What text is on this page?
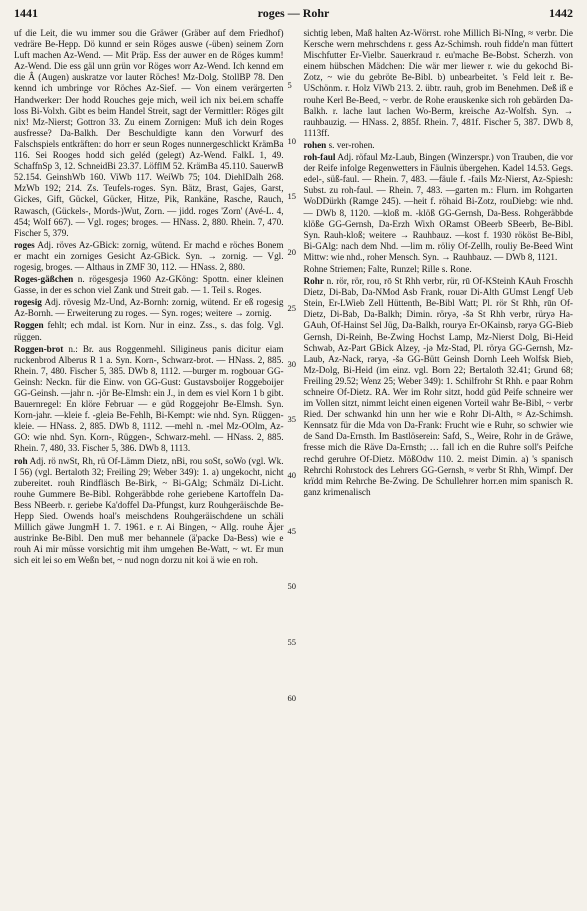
1441	roges — Rohr	1442

uf die Leit, die wu immer sou die Gräwer (Gräber auf dem Friedhof) vedräre Be-Hepp. Dö kunnd er sein Röges auswe (-üben) seinem Zorn Luft machen Az-Wend. — Mit Präp. Ess der auwer en de Röges kumm! Az-Wend. Die ess gäl unn grün vor Röges worr Az-Wend. Ich kennd em die Â (Augen) auskratze vor lauter Röches! Mz-Dolg. StollBP 78. Den kennd ich umbringe vor Röches Az-Sief. — Von einem verärgerten Handwerker: Der hodd Rouches geje mich, weil ich nix bei.em schaffe loss Bi-Volxh. Gibt es beim Handel Streit, sagt der Vermittler: Röges gilt nix! Mz-Nierst; Gottron 33. Zu einem Zornigen: Muß ich dein Roges ausfresse? Da-Balkh. Der Beschuldigte kann den Vorwurf des Falschspiels entkräften: do horr er seun Roges nunnergeschlickt KrämBa 116. Sei Rooges hodd sich geléd (gelegt) Az-Wend. FalkL 1, 49. SchaffnSp 3, 12. SchneidBi 23.37. LöfflM 52. KrämBa 45.110. SauerwB 52.154. GeinshWb 160. ViWb 117. WeiWb 75; 104. DiehlDalh 268. MzWb 192; 214. Zs. Teufels-roges. Syn. Bätz, Brast, Gajes, Garst, Gickes, Gift, Gückel, Gücker, Hitze, Pik, Rankäne, Rasche, Rauch, Rawasch, (Gückels-, Mords-)Wut, Zorn. — jidd. roges 'Zorn' (Avé-L. 4, 454; Wolf 667). — Vgl. roges; broges. — HNass. 2, 880. Rhein. 7, 470. Fischer 5, 379.

roges Adj. röves Az-GBick: zornig, wütend. Er machd e röches Bonem er macht ein zorniges Gesicht Az-GBick. Syn. → zornig. — Vgl. rogesig, broges. — Althaus in ZMF 30, 112. — HNass. 2, 880.

Roges-gäßchen n. rögesgesjə 1960 Az-GKöng: Spottn. einer kleinen Gasse, in der es schon viel Zank und Streit gab. — 1. Teil s. Roges.

rogesig Adj. rövesig Mz-Und, Az-Bornh: zornig, wütend. Er eß rogesig Az-Bornh. — Erweiterung zu roges. — Syn. roges; weitere → zornig.

Roggen fehlt; ech mdal. ist Korn. Nur in einz. Zss., s. das folg. Vgl. rüggen.

Roggen-brot n.: Br. aus Roggenmehl. Siligineus panis dicitur eiam ruckenbrod Alberus R 1 a. Syn. Korn-, Schwarz-brot. — HNass. 2, 885. Rhein. 7, 480. Fischer 5, 385. DWb 8, 1112. —burger m. rogbouər GG-Geinsh: Neckn. für die Einw. von GG-Gust: Gustavsboijer Roggeboijer GG-Geinsh. —jahr n. -jör Be-Elmsh: ein J., in dem es viel Korn 1 b gibt. Bauernregel: En klöre Februar — e güd Roggejohr Be-Elmsh. Syn. Korn-jahr. —kleie f. -gleiə Be-Fehlh, Bi-Kempt: wie nhd. Syn. Rüggen-kleie. — HNass. 2, 885. DWb 8, 1112. —mehl n. -mel Mz-OOlm, Az-GO: wie nhd. Syn. Korn-, Rüggen-, Schwarz-mehl. — HNass. 2, 885. Rhein. 7, 480, 33. Fischer 5, 386. DWb 8, 1113.

roh Adj. rö nwSt, Rh, rü Of-Lämm Dietz, nBi, rou soSt, soWo (vgl. Wk. I 56) (vgl. Bertaloth 32; Freiling 29; Weber 349): 1. a) ungekocht, nicht zubereitet. rouh Rindfläsch Be-Birk, ~ Bi-GAlg; Schmälz Di-Licht. rouhe Gummere Be-Bibl. Rohgeräbbde rohe geriebene Kartoffeln Da-Bess NBeerb. r. geriebe Ka'doffel Da-Pfungst, kurz Rouhgeräischde Be-Hepp Sied. Owends hoal's meischdens Rouhgeräischdene un schäli Millich gäwe JungmH 1. 7. 1961. e r. Ai Bingen, ~ Allg. rouhe Äjer austrinke Be-Bibl. Den muß mer behannele (ä'packe Da-Bess) wie e rouh Ai mir müsse vorsichtig mit ihm umgehen Be-Watt, ~ wt. Er mun sich eit lei so em Weßn bet, ~ nud nogn dorzu nit koi ä wie en roh.

5
10
15
20
25
30
35
40
45
50
55
60

sichtig leben, Maß halten Az-Wörrst. rohe Millich Bi-NIng, ≈ verbr. Die Kersche wern mehrschdens r. gess Az-Schimsh. rouh fidde'n man füttert Mischfutter Er-Vielbr. Sauerkraud r. eu'mache Be-Bobst. Scherzh. von einem hübschen Mädchen: Die wär mer liewer r. wie du gekochd Bi-Zotz, ~ wie du gebröte Be-Bibl. b) unbearbeitet. 's Feld leit r. Be-USchönm. r. Holz ViWb 213. 2. übtr. rauh, grob im Benehmen. Deß iß e rouhe Kerl Be-Beed, ~ verbr. de Rohe erauskenke sich roh gebärden Da-Balkh. r. lache laut lachen Wo-Berm, kreische Az-Wolfsh. Syn. → rauhbauzig. — HNass. 2, 885f. Rhein. 7, 481f. Fischer 5, 387. DWb 8, 1113ff.

rohen s. ver-rohen.

roh-faul Adj. röfaul Mz-Laub, Bingen (Winzerspr.) von Trauben, die vor der Reife infolge Regenwetters in Fäulnis übergehen. Kadel 14.53. Gegs. edel-, süß-faul. — Rhein. 7, 483. —fäule f. -fails Mz-Nierst, Az-Spiesh: Subst. zu roh-faul. — Rhein. 7, 483. —garten m.: Flurn. im Rohgarten WoDDürkh (Ramge 245). —heit f. röhaid Bi-Zotz, rouDiebg: wie nhd. — DWb 8, 1120. —kloß m. -klöß GG-Gernsh, Da-Bess. Rohgeräbbde klöße GG-Gernsh, Da-Erzh Wixh ORamst OBeerb SBeerb, Be-Bibl. Syn. Rauh-kloß; weitere → Rauhbauz. —kost f. 1930 rököst Be-Bibl, Bi-GAlg: nach dem Nhd. —lim m. röliy Of-Zellh, rouliy Be-Beed Wint Mittw: wie nhd., roher Mensch. Syn. → Rauhbauz. — DWb 8, 1121.

Rohne Striemen; Falte, Runzel; Rille s. Rone.

Rohr n. rör, rör, rou, rō St Rhh verbr, rür, rū Of-KSteinh KAuh Froschh Dietz, Di-Bab, Da-NMod Asb Frank, rouər Di-Alth GUmst Lengf Ueb Stein, Er-LWieb Zell Hüttenth, Be-Bibl Watt; Pl. rör St Rhh, rūn Of-Dietz, Di-Bab, Da-Balkh; Dimin. röryə, -šə St Rhh verbr, rüryə Ha-GAuh, Of-Hainst Sel Jüg, Da-Balkh, rouryə Er-OKainsb, rəryə GG-Bieb Gernsh, Di-Reinh, Be-Zwing Hochst Lamp, Mz-Nierst Dolg, Bi-Heid Schwab, Az-Part GBick Alzey, -jə Mz-Stad, Pl. rörya GG-Gernsh, Mz-Laub, Az-Nack, rəryə, -šə GG-Bütt Geinsh Dornh Leeh Wolfsk Bieb, Mz-Dolg, Bi-Heid (im einz. vgl. Born 22; Bertaloth 32.41; Grund 68; Freiling 29.52; Wenz 25; Weber 349): 1. Schilfrohr St Rhh. e paar Rohrn schneire Of-Dietz. RA. Wer im Rohr sitzt, hodd güd Peife schneire wer im Vollen sitzt, nimmt leicht einen eigenen Vorteil wahr Be-Bibl, ~ verbr Ried. Der schwankd hin unn her wie e Rohr Di-Alth, ≈ Az-Schimsh. Kennsatz für die Mda von Da-Frank: Frucht wie e Ruhr, so schwier wie de Sand Da-Ernsth. Im Bastlöserein: Safd, S., Weire, Rohr in de Gräwe, fresse mich die Räve Da-Ernsth; … fall ich en die Ruhre soll's Peifche rechd geruhre Of-Dietz. MößOdw 110. 2. meist Dimin. a) 's spanisch Rehrchi Rohrstock des Lehrers GG-Gernsh, ≈ verbr St Rhh, Wimpf. Der krïdd mim Rehrche Be-Zwing. De Schullehrer horr.en mim spanisch R. ganz krimenalisch
